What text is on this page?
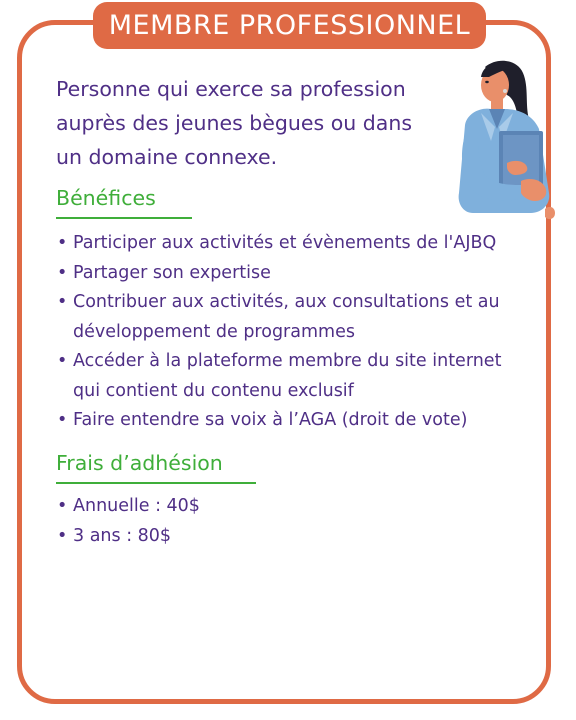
MEMBRE PROFESSIONNEL
Personne qui exerce sa profession
auprès des jeunes bègues ou dans
un domaine connexe.
Bénéfices
• Participer aux activités et évènements de l'AJBQ
• Partager son expertise
• Contribuer aux activités, aux consultations et au
développement de programmes
• Accéder à la plateforme membre du site internet
qui contient du contenu exclusif
• Faire entendre sa voix à l’AGA (droit de vote)
Frais d’adhésion
• Annuelle : 40$
• 3 ans : 80$
